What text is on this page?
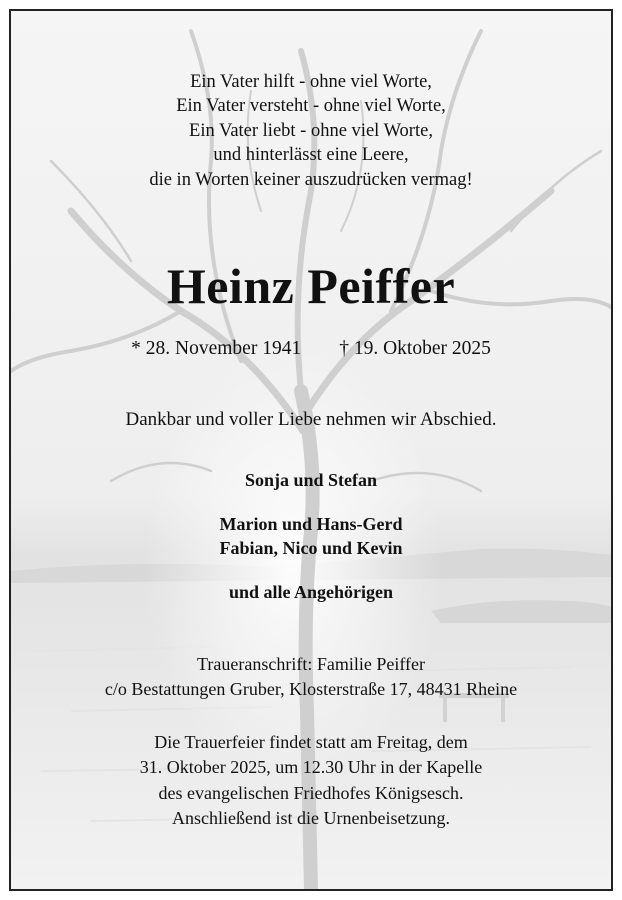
Ein Vater hilft - ohne viel Worte,
Ein Vater versteht - ohne viel Worte,
Ein Vater liebt - ohne viel Worte,
und hinterlässt eine Leere,
die in Worten keiner auszudrücken vermag!
Heinz Peiffer
* 28. November 1941 † 19. Oktober 2025
Dankbar und voller Liebe nehmen wir Abschied.
Sonja und Stefan
Marion und Hans-Gerd
Fabian, Nico und Kevin
und alle Angehörigen
Traueranschrift: Familie Peiffer
c/o Bestattungen Gruber, Klosterstraße 17, 48431 Rheine
Die Trauerfeier findet statt am Freitag, dem
31. Oktober 2025, um 12.30 Uhr in der Kapelle
des evangelischen Friedhofes Königsesch.
Anschließend ist die Urnenbeisetzung.
